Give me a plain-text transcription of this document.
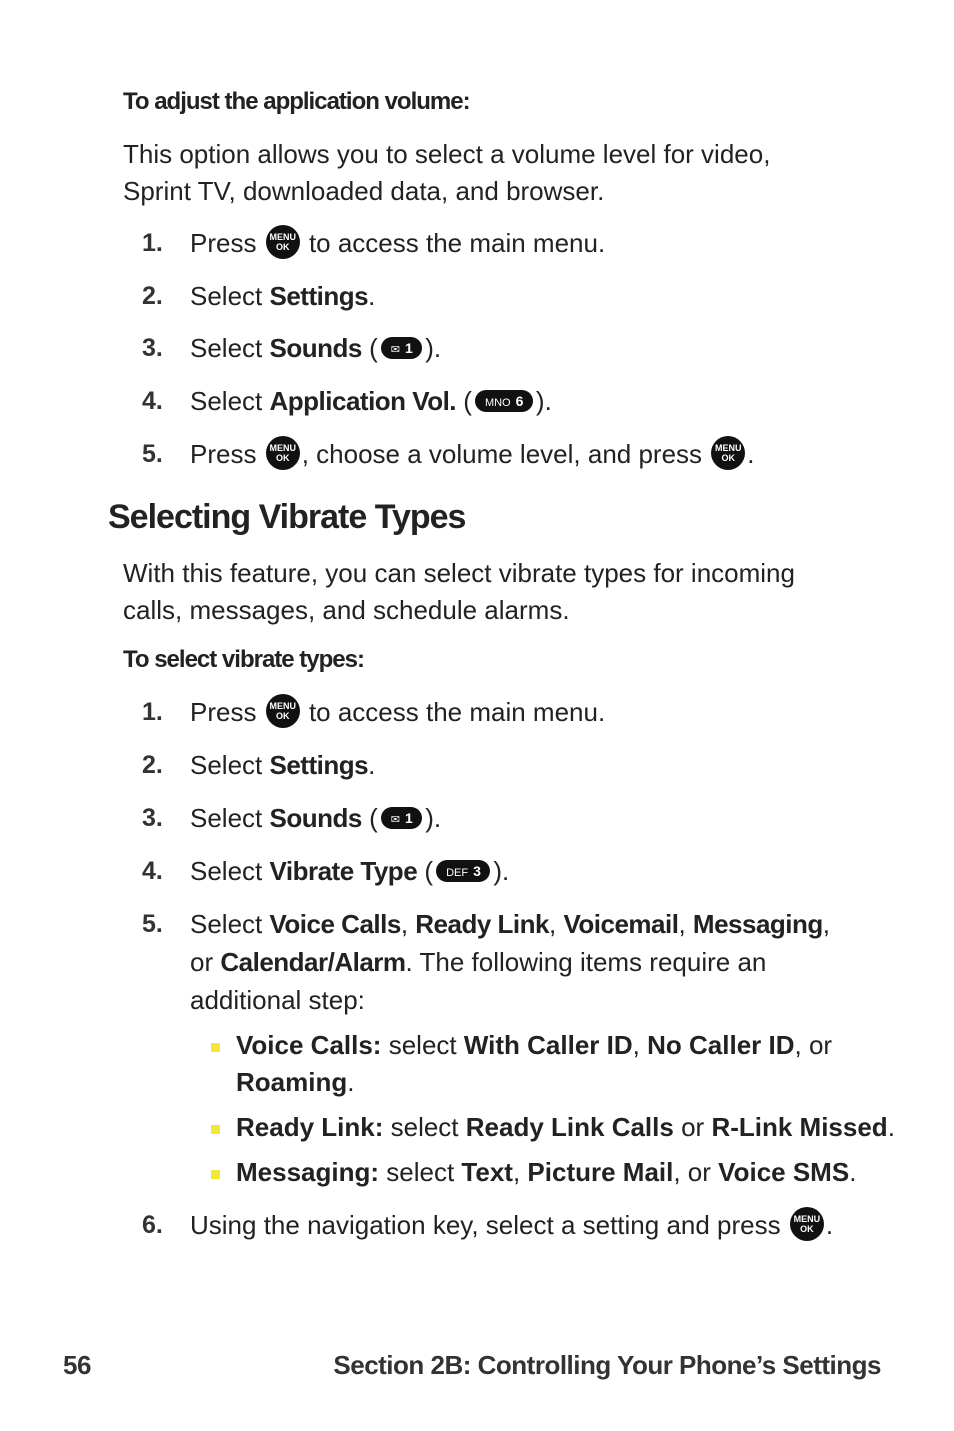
To adjust the application volume:
This option allows you to select a volume level for video,
Sprint TV, downloaded data, and browser.
1. Press	MENU
OK to access the main menu.
2. Select Settings.
3. Select Sounds ( ✉ 1 ).
4. Select Application Vol. ( MNO 6 ).
5. Press	MENU
OK , choose a volume level, and press	MENU
OK .
Selecting Vibrate Types
With this feature, you can select vibrate types for incoming
calls, messages, and schedule alarms.
To select vibrate types:
1. Press	MENU
OK to access the main menu.
2. Select Settings.
3. Select Sounds ( ✉ 1 ).
4. Select Vibrate Type ( DEF 3 ).
5. Select Voice Calls, Ready Link, Voicemail, Messaging,
or Calendar/Alarm. The following items require an
additional step:
Voice Calls: select With Caller ID, No Caller ID, or
Roaming.
Ready Link: select Ready Link Calls or R-Link Missed.
Messaging: select Text, Picture Mail, or Voice SMS.
6. Using the navigation key, select a setting and press	MENU
OK .
56	Section 2B: Controlling Your Phone’s Settings
